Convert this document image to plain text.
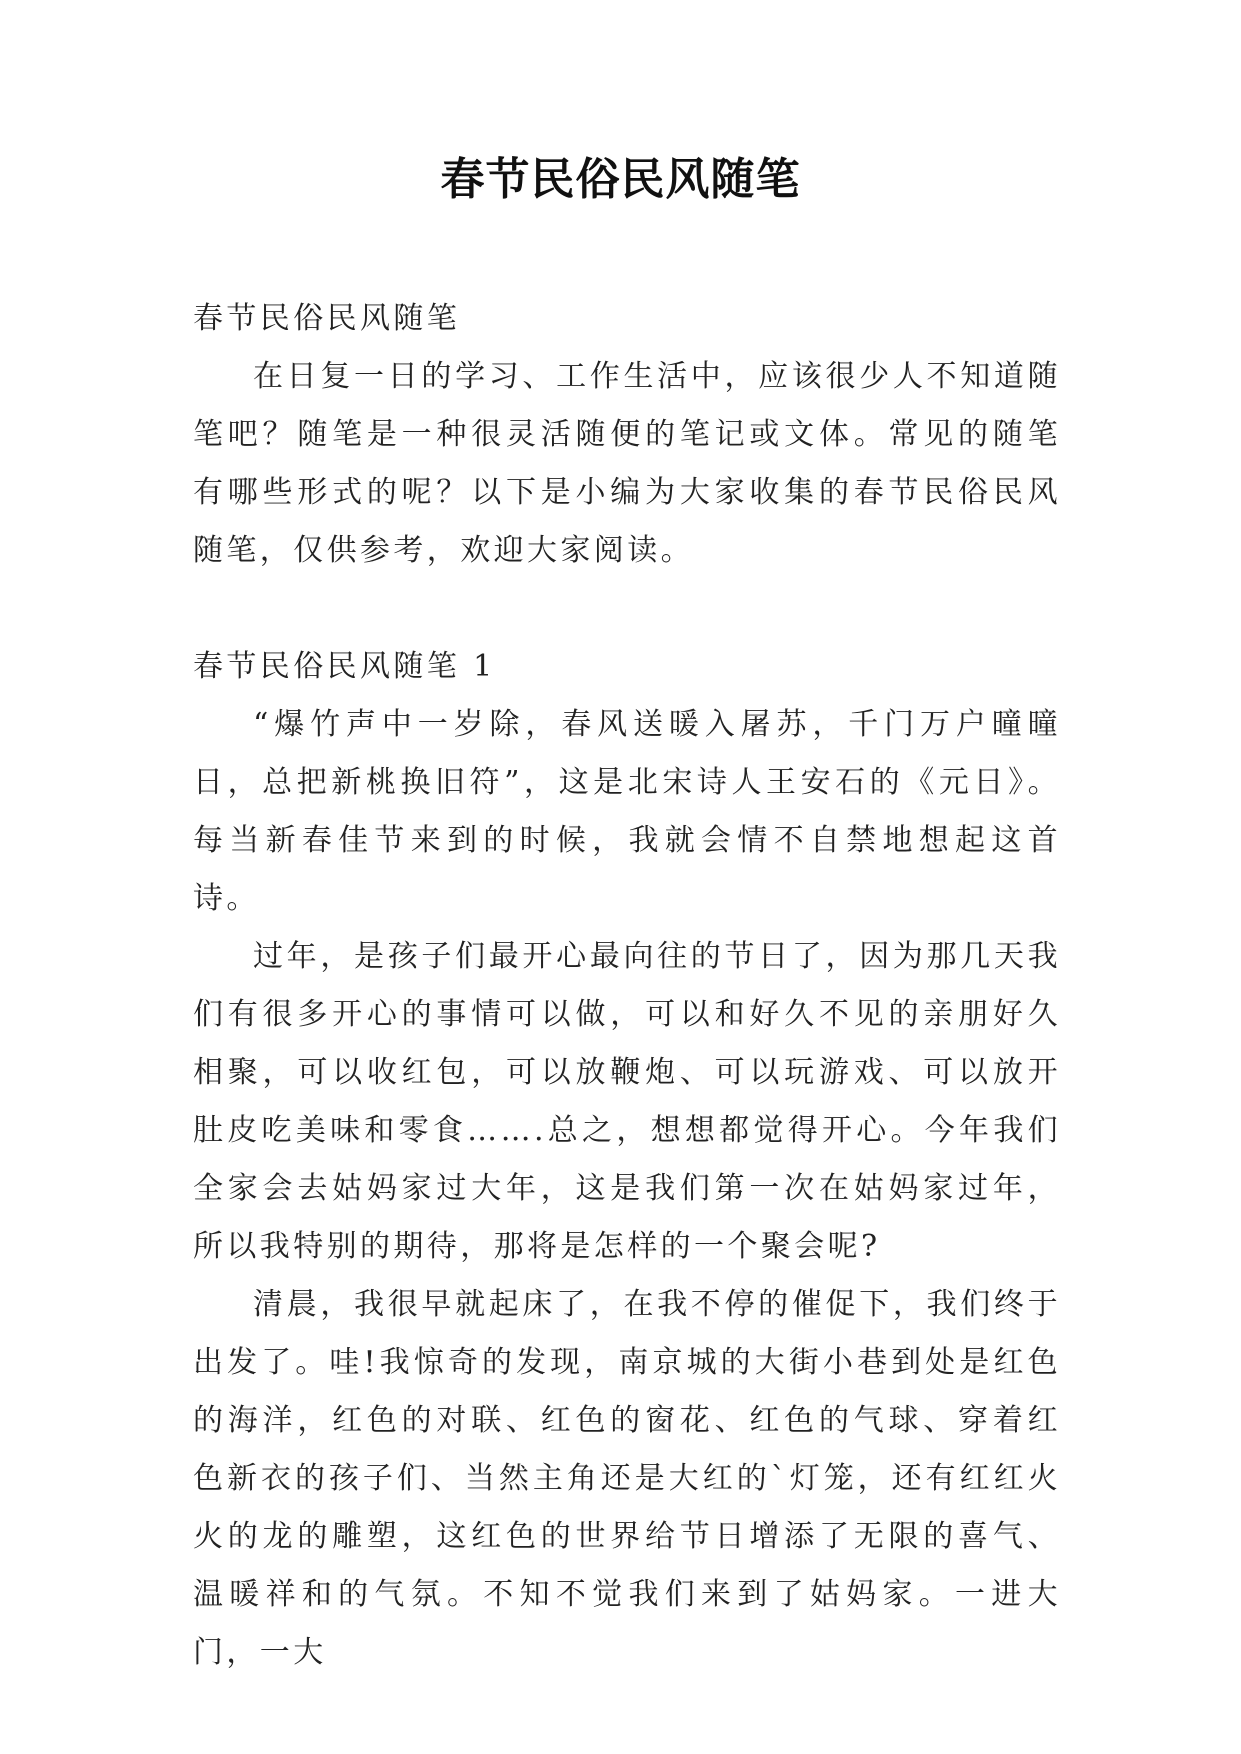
春节民俗民风随笔

春节民俗民风随笔

在日复一日的学习、工作生活中，应该很少人不知道随笔吧？随笔是一种很灵活随便的笔记或文体。常见的随笔有哪些形式的呢？以下是小编为大家收集的春节民俗民风随笔，仅供参考，欢迎大家阅读。

春节民俗民风随笔 1

“爆竹声中一岁除，春风送暖入屠苏，千门万户曈曈日，总把新桃换旧符”，这是北宋诗人王安石的《元日》。每当新春佳节来到的时候，我就会情不自禁地想起这首诗。

过年，是孩子们最开心最向往的节日了，因为那几天我们有很多开心的事情可以做，可以和好久不见的亲朋好久相聚，可以收红包，可以放鞭炮、可以玩游戏、可以放开肚皮吃美味和零食…….总之，想想都觉得开心。今年我们全家会去姑妈家过大年，这是我们第一次在姑妈家过年，所以我特别的期待，那将是怎样的一个聚会呢?

清晨，我很早就起床了，在我不停的催促下，我们终于出发了。哇!我惊奇的发现，南京城的大街小巷到处是红色的海洋，红色的对联、红色的窗花、红色的气球、穿着红色新衣的孩子们、当然主角还是大红的`灯笼，还有红红火火的龙的雕塑，这红色的世界给节日增添了无限的喜气、温暖祥和的气氛。不知不觉我们来到了姑妈家。一进大门，一大
